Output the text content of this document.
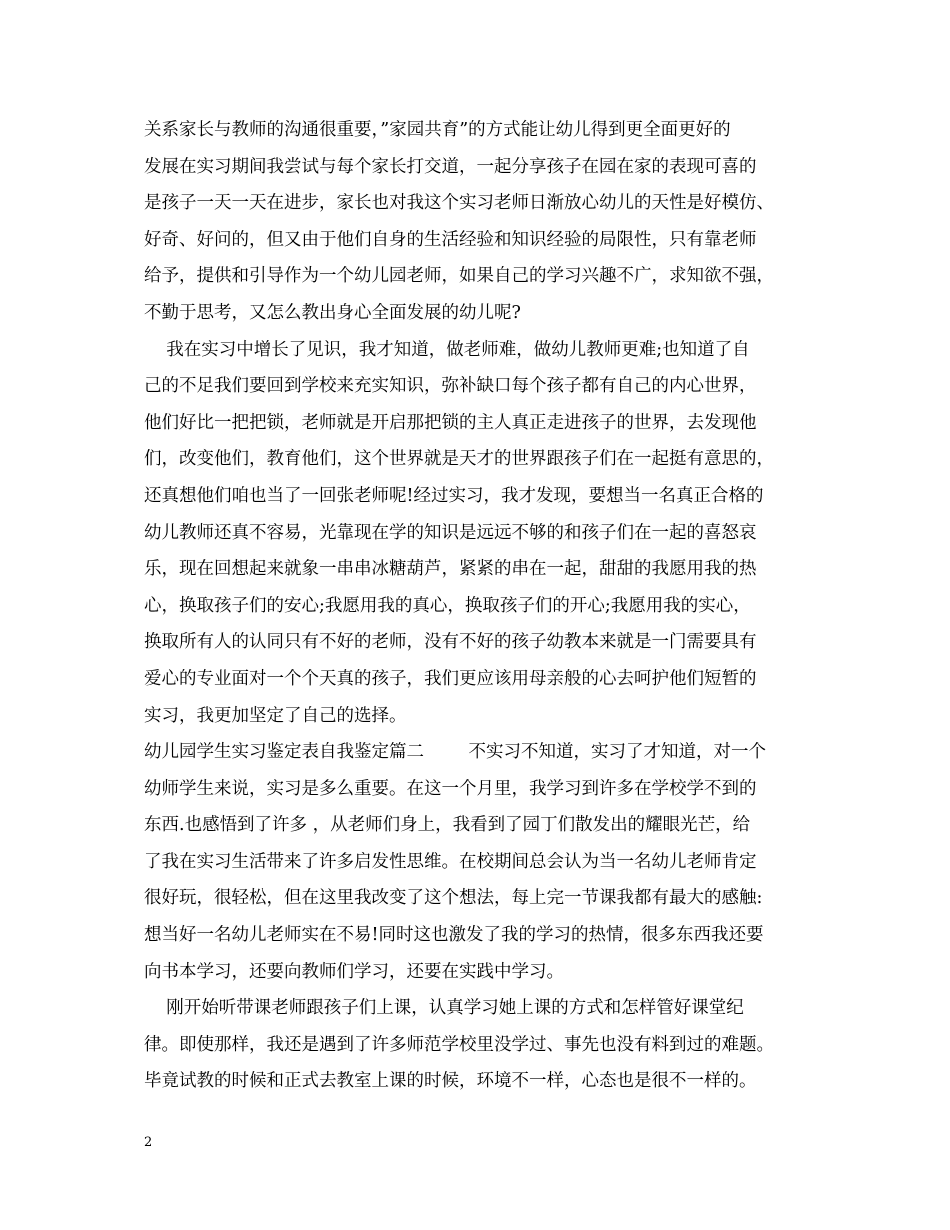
关系家长与教师的沟通很重要，”家园共育”的方式能让幼儿得到更全面更好的
发展在实习期间我尝试与每个家长打交道，一起分享孩子在园在家的表现可喜的
是孩子一天一天在进步，家长也对我这个实习老师日渐放心幼儿的天性是好模仿、
好奇、好问的，但又由于他们自身的生活经验和知识经验的局限性，只有靠老师
给予，提供和引导作为一个幼儿园老师，如果自己的学习兴趣不广，求知欲不强，
不勤于思考，又怎么教出身心全面发展的幼儿呢?
我在实习中增长了见识，我才知道，做老师难，做幼儿教师更难;也知道了自
己的不足我们要回到学校来充实知识，弥补缺口每个孩子都有自己的内心世界，
他们好比一把把锁，老师就是开启那把锁的主人真正走进孩子的世界，去发现他
们，改变他们，教育他们，这个世界就是天才的世界跟孩子们在一起挺有意思的，
还真想他们咱也当了一回张老师呢!经过实习，我才发现，要想当一名真正合格的
幼儿教师还真不容易，光靠现在学的知识是远远不够的和孩子们在一起的喜怒哀
乐，现在回想起来就象一串串冰糖葫芦，紧紧的串在一起，甜甜的我愿用我的热
心，换取孩子们的安心;我愿用我的真心，换取孩子们的开心;我愿用我的实心，
换取所有人的认同只有不好的老师，没有不好的孩子幼教本来就是一门需要具有
爱心的专业面对一个个天真的孩子，我们更应该用母亲般的心去呵护他们短暂的
实习，我更加坚定了自己的选择。
幼儿园学生实习鉴定表自我鉴定篇二        不实习不知道，实习了才知道，对一个
幼师学生来说，实习是多么重要。在这一个月里，我学习到许多在学校学不到的
东西.也感悟到了许多 ，从老师们身上，我看到了园丁们散发出的耀眼光芒，给
了我在实习生活带来了许多启发性思维。在校期间总会认为当一名幼儿老师肯定
很好玩，很轻松，但在这里我改变了这个想法，每上完一节课我都有最大的感触:
想当好一名幼儿老师实在不易!同时这也激发了我的学习的热情，很多东西我还要
向书本学习，还要向教师们学习，还要在实践中学习。
刚开始听带课老师跟孩子们上课，认真学习她上课的方式和怎样管好课堂纪
律。即使那样，我还是遇到了许多师范学校里没学过、事先也没有料到过的难题。
毕竟试教的时候和正式去教室上课的时候，环境不一样，心态也是很不一样的。
2
